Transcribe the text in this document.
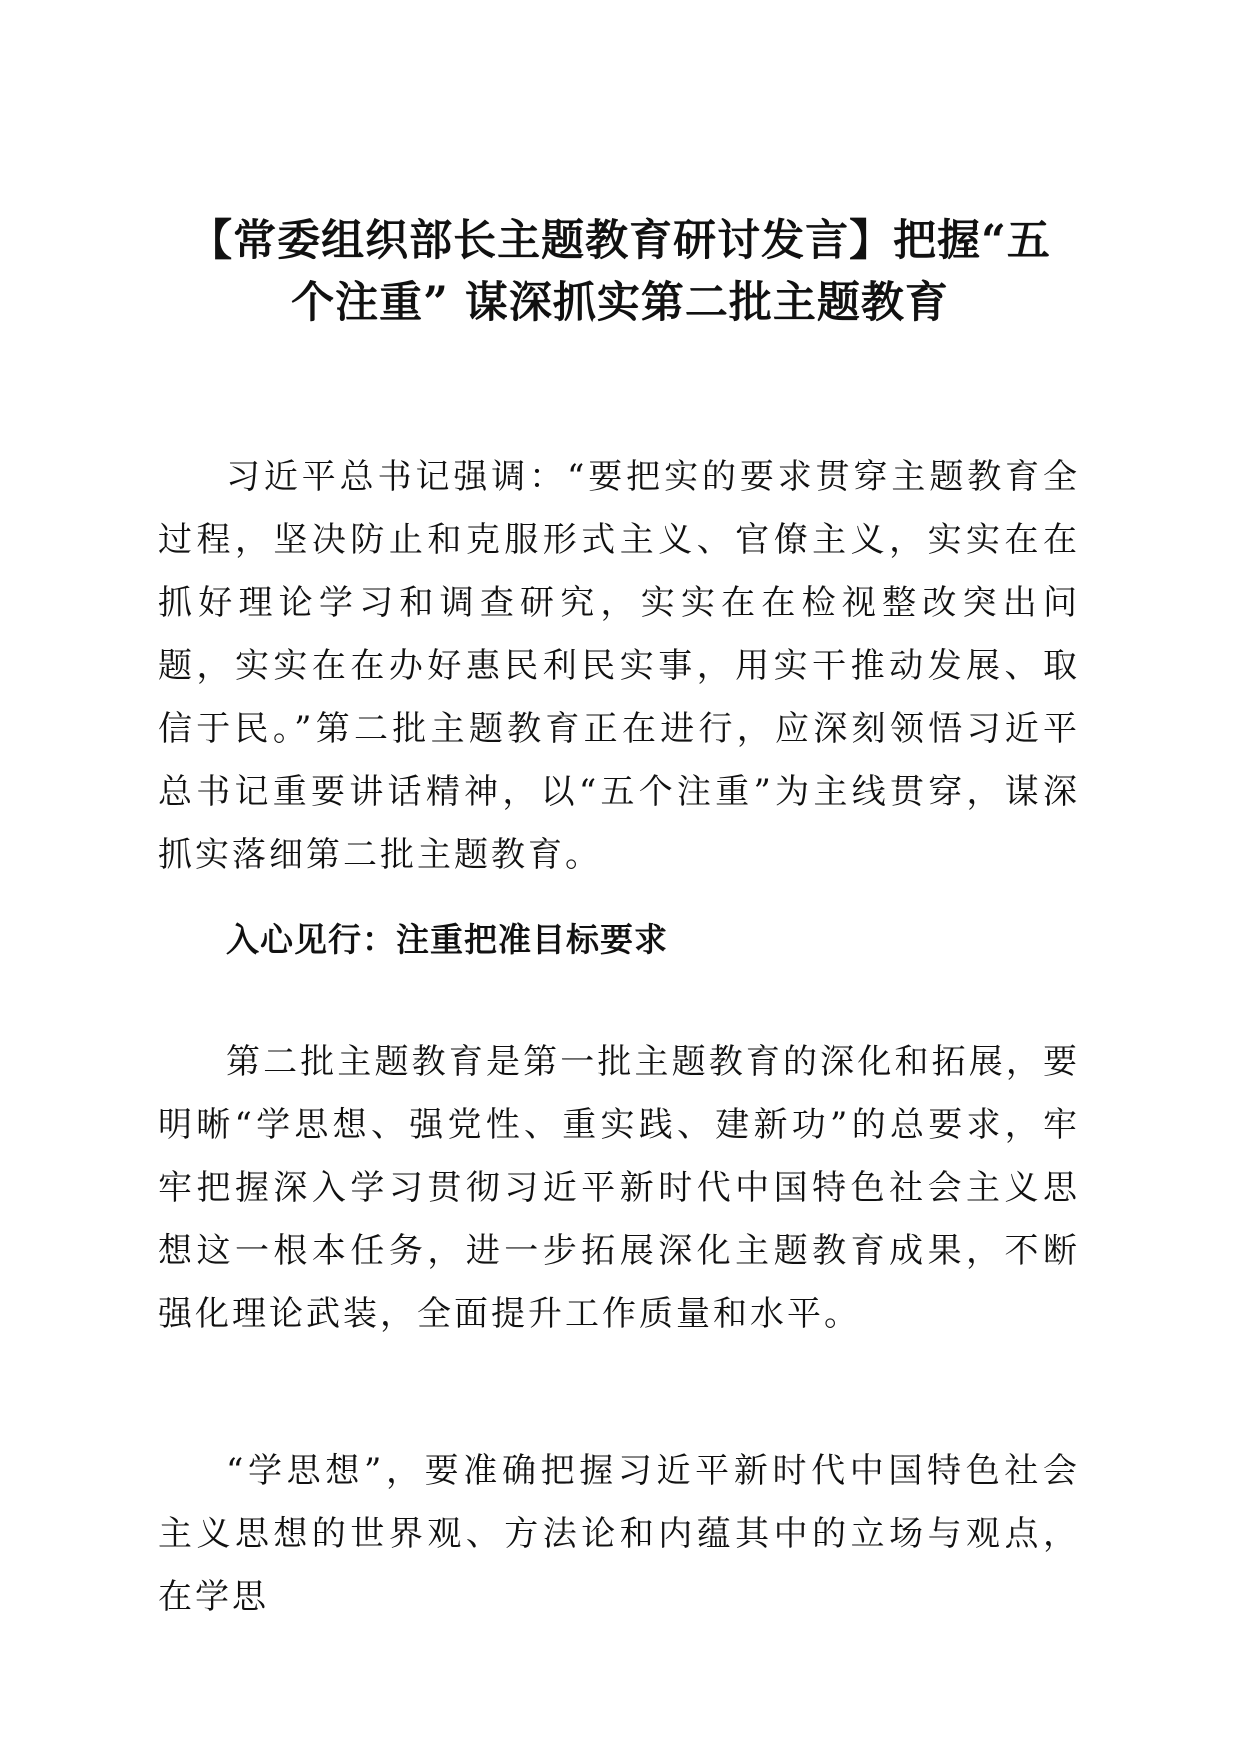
【常委组织部长主题教育研讨发言】把握“五
个注重” 谋深抓实第二批主题教育

习近平总书记强调：“要把实的要求贯穿主题教育全过程，坚决防止和克服形式主义、官僚主义，实实在在抓好理论学习和调查研究，实实在在检视整改突出问题，实实在在办好惠民利民实事，用实干推动发展、取信于民。”第二批主题教育正在进行，应深刻领悟习近平总书记重要讲话精神，以“五个注重”为主线贯穿，谋深抓实落细第二批主题教育。

入心见行：注重把准目标要求

第二批主题教育是第一批主题教育的深化和拓展，要明晰“学思想、强党性、重实践、建新功”的总要求，牢牢把握深入学习贯彻习近平新时代中国特色社会主义思想这一根本任务，进一步拓展深化主题教育成果，不断强化理论武装，全面提升工作质量和水平。

“学思想”，要准确把握习近平新时代中国特色社会主义思想的世界观、方法论和内蕴其中的立场与观点，在学思
